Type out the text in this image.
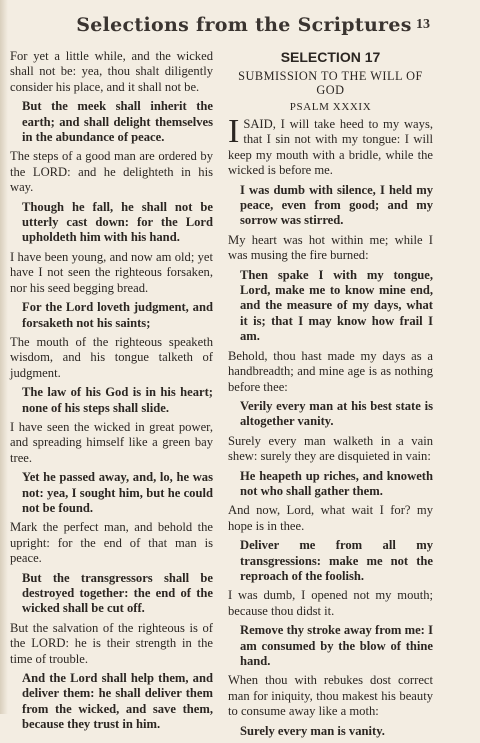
Selections from the Scriptures 13

For yet a little while, and the wicked shall not be: yea, thou shalt diligently consider his place, and it shall not be.

But the meek shall inherit the earth; and shall delight themselves in the abundance of peace.

The steps of a good man are ordered by the LORD: and he delighteth in his way.

Though he fall, he shall not be utterly cast down: for the Lord upholdeth him with his hand.

I have been young, and now am old; yet have I not seen the righteous forsaken, nor his seed begging bread.

For the Lord loveth judgment, and forsaketh not his saints;

The mouth of the righteous speaketh wisdom, and his tongue talketh of judgment.

The law of his God is in his heart; none of his steps shall slide.

I have seen the wicked in great power, and spreading himself like a green bay tree.

Yet he passed away, and, lo, he was not: yea, I sought him, but he could not be found.

Mark the perfect man, and behold the upright: for the end of that man is peace.

But the transgressors shall be destroyed together: the end of the wicked shall be cut off.

But the salvation of the righteous is of the LORD: he is their strength in the time of trouble.

And the Lord shall help them, and deliver them: he shall deliver them from the wicked, and save them, because they trust in him.

SELECTION 17
SUBMISSION TO THE WILL OF GOD
PSALM XXXIX

ISAID, I will take heed to my ways, that I sin not with my tongue: I will keep my mouth with a bridle, while the wicked is before me.

I was dumb with silence, I held my peace, even from good; and my sorrow was stirred.

My heart was hot within me; while I was musing the fire burned:

Then spake I with my tongue, Lord, make me to know mine end, and the measure of my days, what it is; that I may know how frail I am.

Behold, thou hast made my days as a handbreadth; and mine age is as nothing before thee:

Verily every man at his best state is altogether vanity.

Surely every man walketh in a vain shew: surely they are disquieted in vain:

He heapeth up riches, and knoweth not who shall gather them.

And now, Lord, what wait I for? my hope is in thee.

Deliver me from all my transgressions: make me not the reproach of the foolish.

I was dumb, I opened not my mouth; because thou didst it.

Remove thy stroke away from me: I am consumed by the blow of thine hand.

When thou with rebukes dost correct man for iniquity, thou makest his beauty to consume away like a moth:

Surely every man is vanity.
